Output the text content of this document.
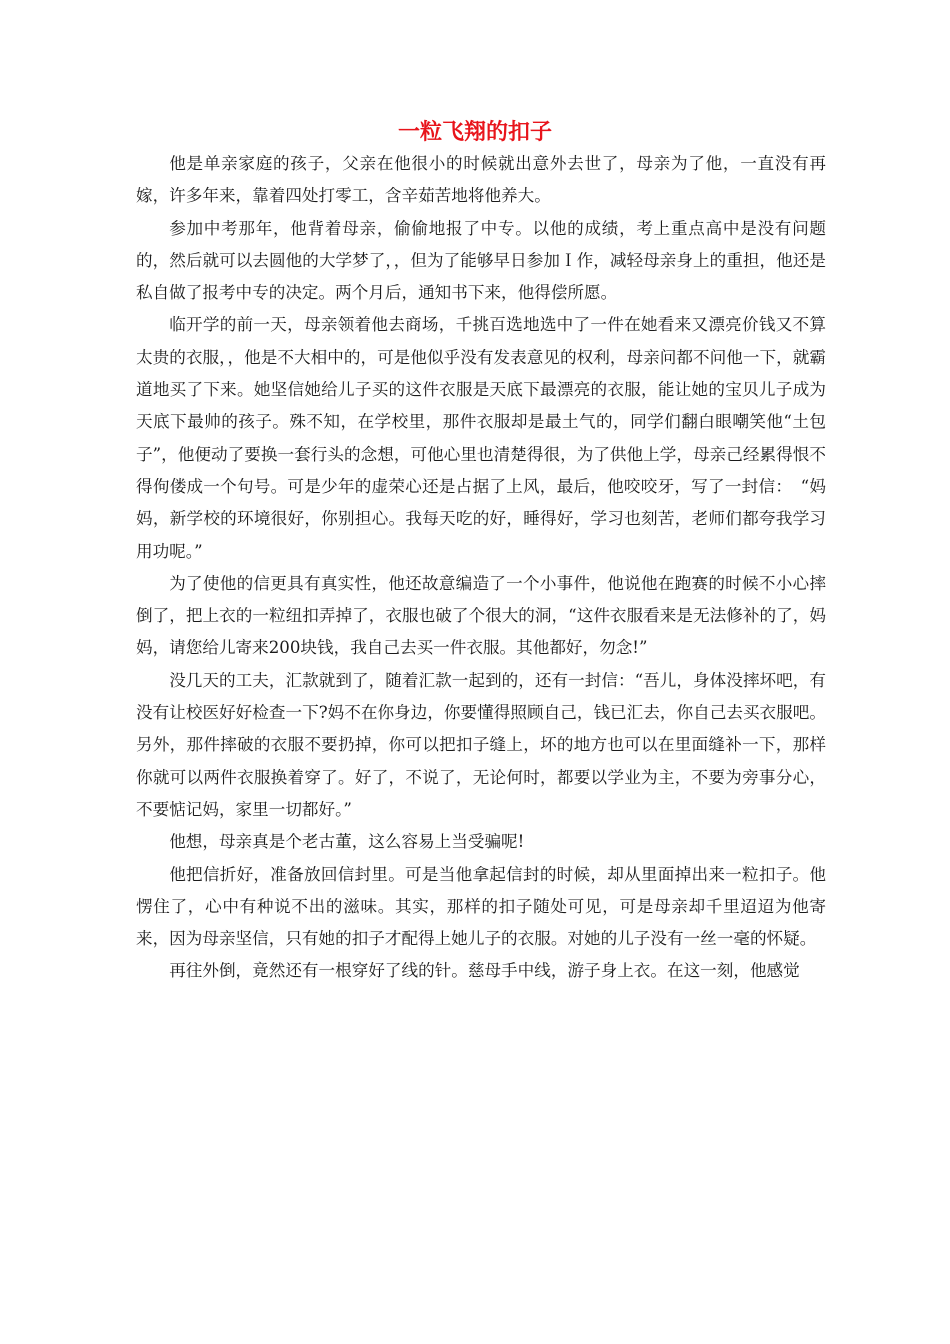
一粒飞翔的扣子

他是单亲家庭的孩子，父亲在他很小的时候就出意外去世了，母亲为了他，一直没有再嫁，许多年来，靠着四处打零工，含辛茹苦地将他养大。

参加中考那年，他背着母亲，偷偷地报了中专。以他的成绩，考上重点高中是没有问题的，然后就可以去圆他的大学梦了，，但为了能够早日参加Ｉ作，减轻母亲身上的重担，他还是私自做了报考中专的决定。两个月后，通知书下来，他得偿所愿。

临开学的前一天，母亲领着他去商场，千挑百选地选中了一件在她看来又漂亮价钱又不算太贵的衣服，，他是不大相中的，可是他似乎没有发表意见的权利，母亲问都不问他一下，就霸道地买了下来。她坚信她给儿子买的这件衣服是天底下最漂亮的衣服，能让她的宝贝儿子成为天底下最帅的孩子。殊不知，在学校里，那件衣服却是最土气的，同学们翻白眼嘲笑他“土包子”，他便动了要换一套行头的念想，可他心里也清楚得很，为了供他上学，母亲己经累得恨不得佝偻成一个句号。可是少年的虚荣心还是占据了上风，最后，他咬咬牙，写了一封信：　“妈妈，新学校的环境很好，你别担心。我每天吃的好，睡得好，学习也刻苦，老师们都夸我学习用功呢。”

为了使他的信更具有真实性，他还故意编造了一个小事件，他说他在跑赛的时候不小心摔倒了，把上衣的一粒纽扣弄掉了，衣服也破了个很大的洞，“这件衣服看来是无法修补的了，妈妈，请您给儿寄来200块钱，我自己去买一件衣服。其他都好，勿念!”

没几天的工夫，汇款就到了，随着汇款一起到的，还有一封信：“吾儿，身体没摔坏吧，有没有让校医好好检查一下?妈不在你身边，你要懂得照顾自己，钱已汇去，你自己去买衣服吧。另外，那件摔破的衣服不要扔掉，你可以把扣子缝上，坏的地方也可以在里面缝补一下，那样你就可以两件衣服换着穿了。好了，不说了，无论何时，都要以学业为主，不要为旁事分心，不要惦记妈，家里一切都好。”

他想，母亲真是个老古董，这么容易上当受骗呢!

他把信折好，准备放回信封里。可是当他拿起信封的时候，却从里面掉出来一粒扣子。他愣住了，心中有种说不出的滋味。其实，那样的扣子随处可见，可是母亲却千里迢迢为他寄来，因为母亲坚信，只有她的扣子才配得上她儿子的衣服。对她的儿子没有一丝一毫的怀疑。

再往外倒，竟然还有一根穿好了线的针。慈母手中线，游子身上衣。在这一刻，他感觉
